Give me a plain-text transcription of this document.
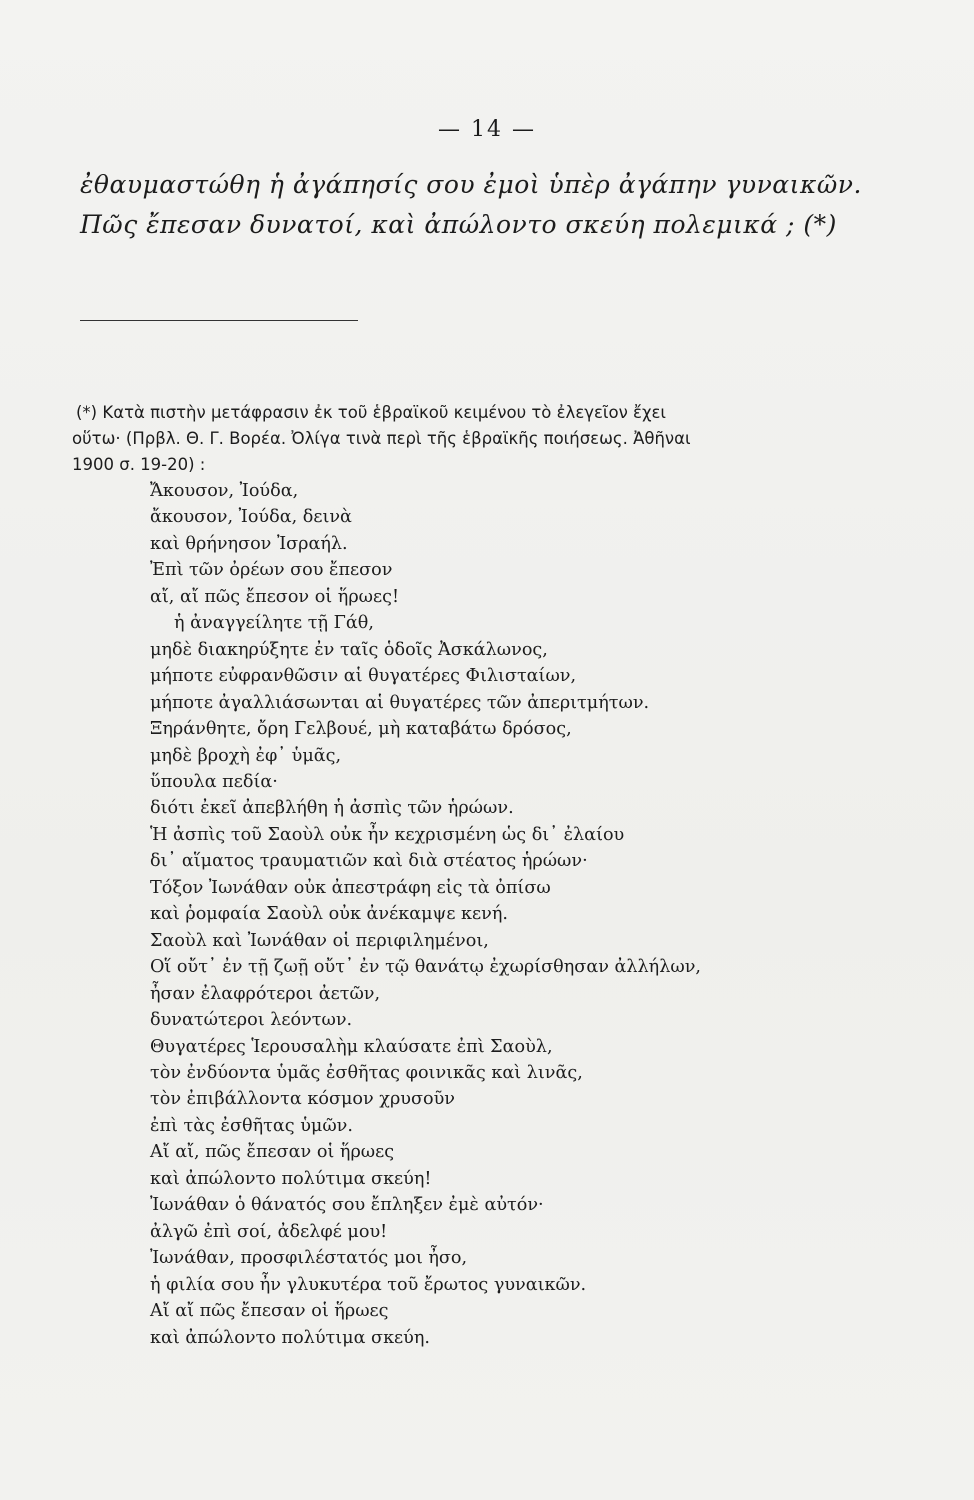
— 14 —
ἐθαυμαστώθη ἡ ἀγάπησίς σου ἐμοὶ ὑπὲρ ἀγάπην γυναικῶν.
Πῶς ἔπεσαν δυνατοί, καὶ ἀπώλοντο σκεύη πολεμικά ; (*)
(*) Κατὰ πιστὴν μετάφρασιν ἐκ τοῦ ἑβραϊκοῦ κειμένου τὸ ἐλεγεῖον ἔχει
οὕτω· (Πρβλ. Θ. Γ. Βορέα. Ὀλίγα τινὰ περὶ τῆς ἑβραϊκῆς ποιήσεως. Ἀθῆναι
1900 σ. 19-20) :
Ἄκουσον, Ἰούδα,
ἄκουσον, Ἰούδα, δεινὰ
καὶ θρήνησον Ἰσραήλ.
Ἐπὶ τῶν ὀρέων σου ἔπεσον
αἴ, αἴ πῶς ἔπεσον οἱ ἥρωες!
ἡ ἀναγγείλητε τῇ Γάθ,
μηδὲ διακηρύξητε ἐν ταῖς ὁδοῖς Ἀσκάλωνος,
μήποτε εὐφρανθῶσιν αἱ θυγατέρες Φιλισταίων,
μήποτε ἀγαλλιάσωνται αἱ θυγατέρες τῶν ἀπεριτμήτων.
Ξηράνθητε, ὄρη Γελβουέ, μὴ καταβάτω δρόσος,
μηδὲ βροχὴ ἐφ᾽ ὑμᾶς,
ὕπουλα πεδία·
διότι ἐκεῖ ἀπεβλήθη ἡ ἀσπὶς τῶν ἡρώων.
Ἡ ἀσπὶς τοῦ Σαοὺλ οὐκ ἦν κεχρισμένη ὡς δι᾽ ἐλαίου
δι᾽ αἵματος τραυματιῶν καὶ διὰ στέατος ἡρώων·
Τόξον Ἰωνάθαν οὐκ ἀπεστράφη εἰς τὰ ὀπίσω
καὶ ῥομφαία Σαοὺλ οὐκ ἀνέκαμψε κενή.
Σαοὺλ καὶ Ἰωνάθαν οἱ περιφιλημένοι,
Οἵ οὔτ᾽ ἐν τῇ ζωῇ οὔτ᾽ ἐν τῷ θανάτῳ ἐχωρίσθησαν ἀλλήλων,
ἦσαν ἐλαφρότεροι ἀετῶν,
δυνατώτεροι λεόντων.
Θυγατέρες Ἱερουσαλὴμ κλαύσατε ἐπὶ Σαοὺλ,
τὸν ἐνδύοντα ὑμᾶς ἐσθῆτας φοινικᾶς καὶ λινᾶς,
τὸν ἐπιβάλλοντα κόσμον χρυσοῦν
ἐπὶ τὰς ἐσθῆτας ὑμῶν.
Αἴ αἴ, πῶς ἔπεσαν οἱ ἥρωες
καὶ ἀπώλοντο πολύτιμα σκεύη!
Ἰωνάθαν ὁ θάνατός σου ἔπληξεν ἐμὲ αὐτόν·
ἀλγῶ ἐπὶ σοί, ἀδελφέ μου!
Ἰωνάθαν, προσφιλέστατός μοι ἦσο,
ἡ φιλία σου ἦν γλυκυτέρα τοῦ ἔρωτος γυναικῶν.
Αἴ αἴ πῶς ἔπεσαν οἱ ἥρωες
καὶ ἀπώλοντο πολύτιμα σκεύη.
